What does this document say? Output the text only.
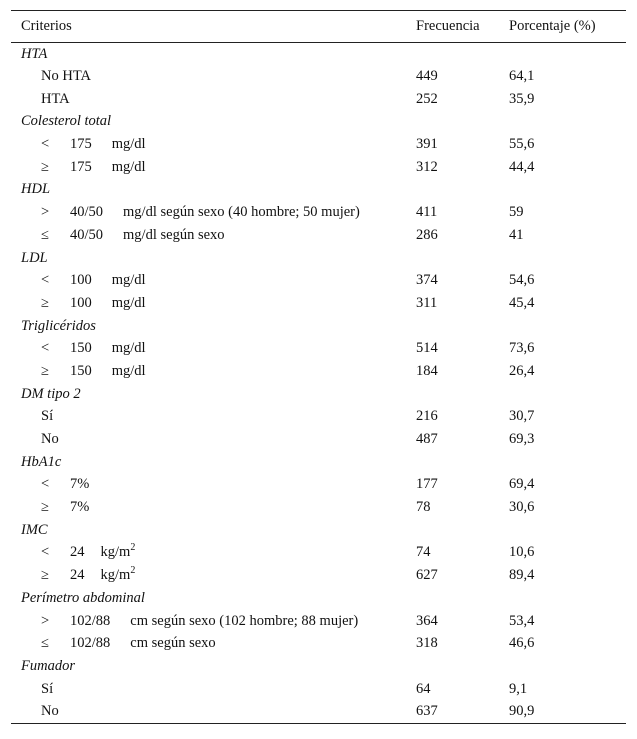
Criterios	Frecuencia	Porcentaje (%)
HTA		
No HTA	449	64,1
HTA	252	35,9
Colesterol total		
< 175 mg/dl	391	55,6
≥ 175 mg/dl	312	44,4
HDL		
> 40/50 mg/dl según sexo (40 hombre; 50 mujer)	411	59
≤ 40/50 mg/dl según sexo	286	41
LDL		
< 100 mg/dl	374	54,6
≥ 100 mg/dl	311	45,4
Triglicéridos		
< 150 mg/dl	514	73,6
≥ 150 mg/dl	184	26,4
DM tipo 2		
Sí	216	30,7
No	487	69,3
HbA1c		
< 7%	177	69,4
≥ 7%	78	30,6
IMC		
< 24 $kg/m^2$	74	10,6
≥ 24 $kg/m^2$	627	89,4
Perímetro abdominal		
> 102/88 cm según sexo (102 hombre; 88 mujer)	364	53,4
≤ 102/88 cm según sexo	318	46,6
Fumador		
Sí	64	9,1
No	637	90,9
